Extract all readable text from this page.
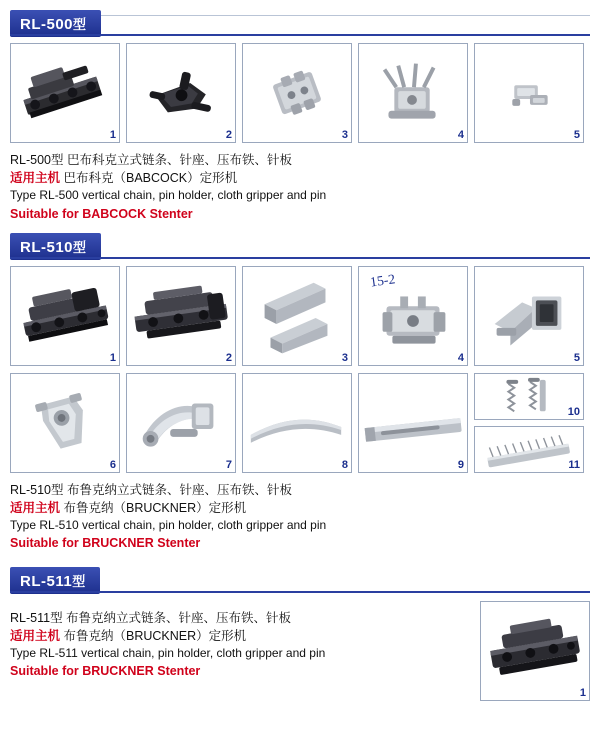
RL-500型
1	2	3	4	5
RL-500型 巴布科克立式链条、针座、压布铁、针板
适用主机 巴布科克（BABCOCK）定形机
Type RL-500 vertical chain, pin holder, cloth gripper and pin
Suitable for BABCOCK Stenter
RL-510型
1	2	3
15-2
4	5
6	7	8	9
10
11
RL-510型 布鲁克纳立式链条、针座、压布铁、针板
适用主机 布鲁克纳（BRUCKNER）定形机
Type RL-510 vertical chain, pin holder, cloth gripper and pin
Suitable for BRUCKNER Stenter
RL-511型
1
RL-511型 布鲁克纳立式链条、针座、压布铁、针板
适用主机 布鲁克纳（BRUCKNER）定形机
Type RL-511 vertical chain, pin holder, cloth gripper and pin
Suitable for BRUCKNER Stenter
